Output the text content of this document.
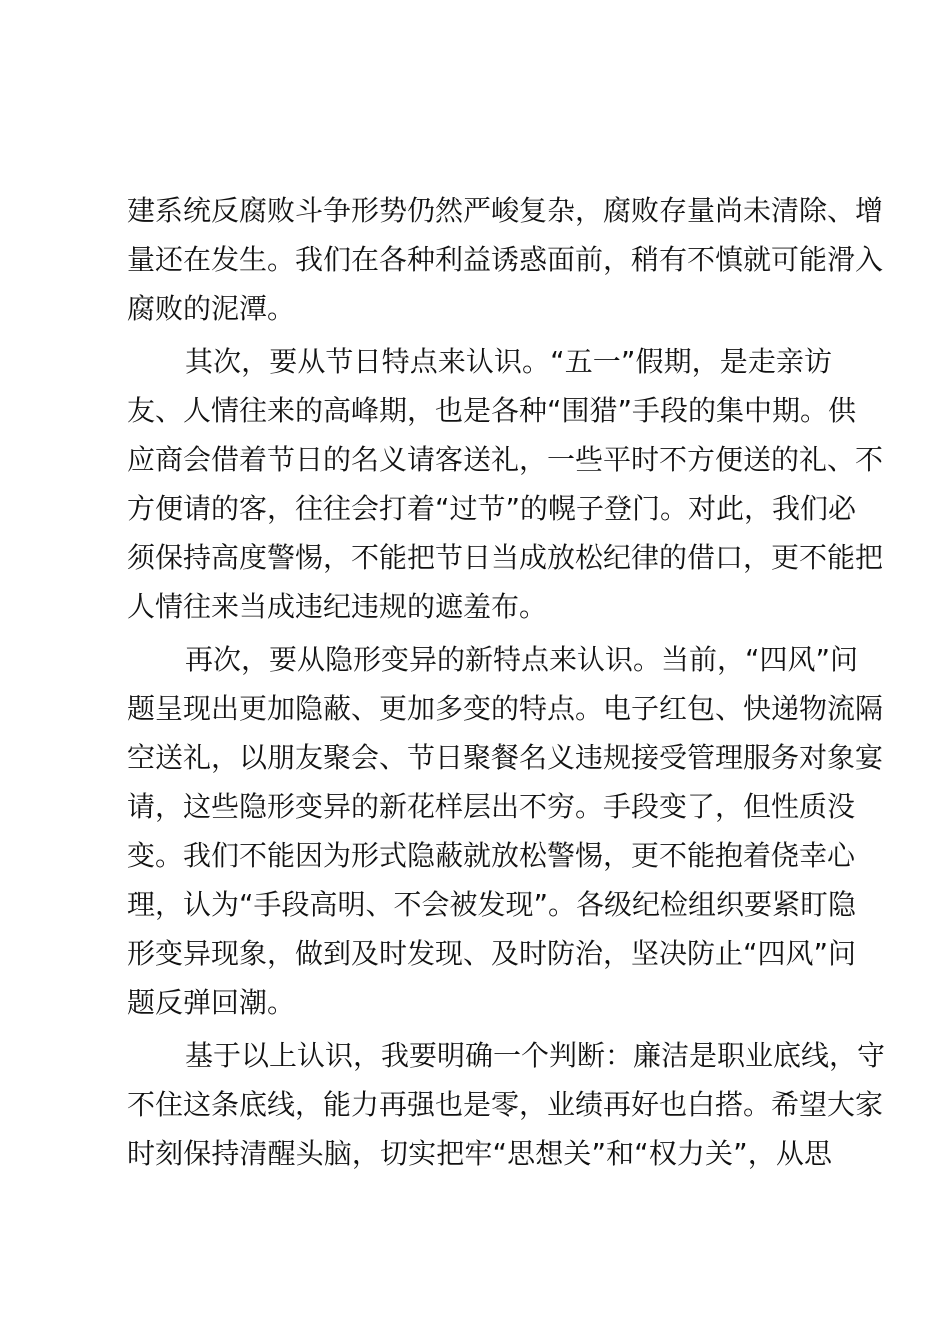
建系统反腐败斗争形势仍然严峻复杂，腐败存量尚未清除、增
量还在发生。我们在各种利益诱惑面前，稍有不慎就可能滑入
腐败的泥潭。
其次，要从节日特点来认识。“五一”假期，是走亲访
友、人情往来的高峰期，也是各种“围猎”手段的集中期。供
应商会借着节日的名义请客送礼，一些平时不方便送的礼、不
方便请的客，往往会打着“过节”的幌子登门。对此，我们必
须保持高度警惕，不能把节日当成放松纪律的借口，更不能把
人情往来当成违纪违规的遮羞布。
再次，要从隐形变异的新特点来认识。当前，“四风”问
题呈现出更加隐蔽、更加多变的特点。电子红包、快递物流隔
空送礼，以朋友聚会、节日聚餐名义违规接受管理服务对象宴
请，这些隐形变异的新花样层出不穷。手段变了，但性质没
变。我们不能因为形式隐蔽就放松警惕，更不能抱着侥幸心
理，认为“手段高明、不会被发现”。各级纪检组织要紧盯隐
形变异现象，做到及时发现、及时防治，坚决防止“四风”问
题反弹回潮。
基于以上认识，我要明确一个判断：廉洁是职业底线，守
不住这条底线，能力再强也是零，业绩再好也白搭。希望大家
时刻保持清醒头脑，切实把牢“思想关”和“权力关”，从思
